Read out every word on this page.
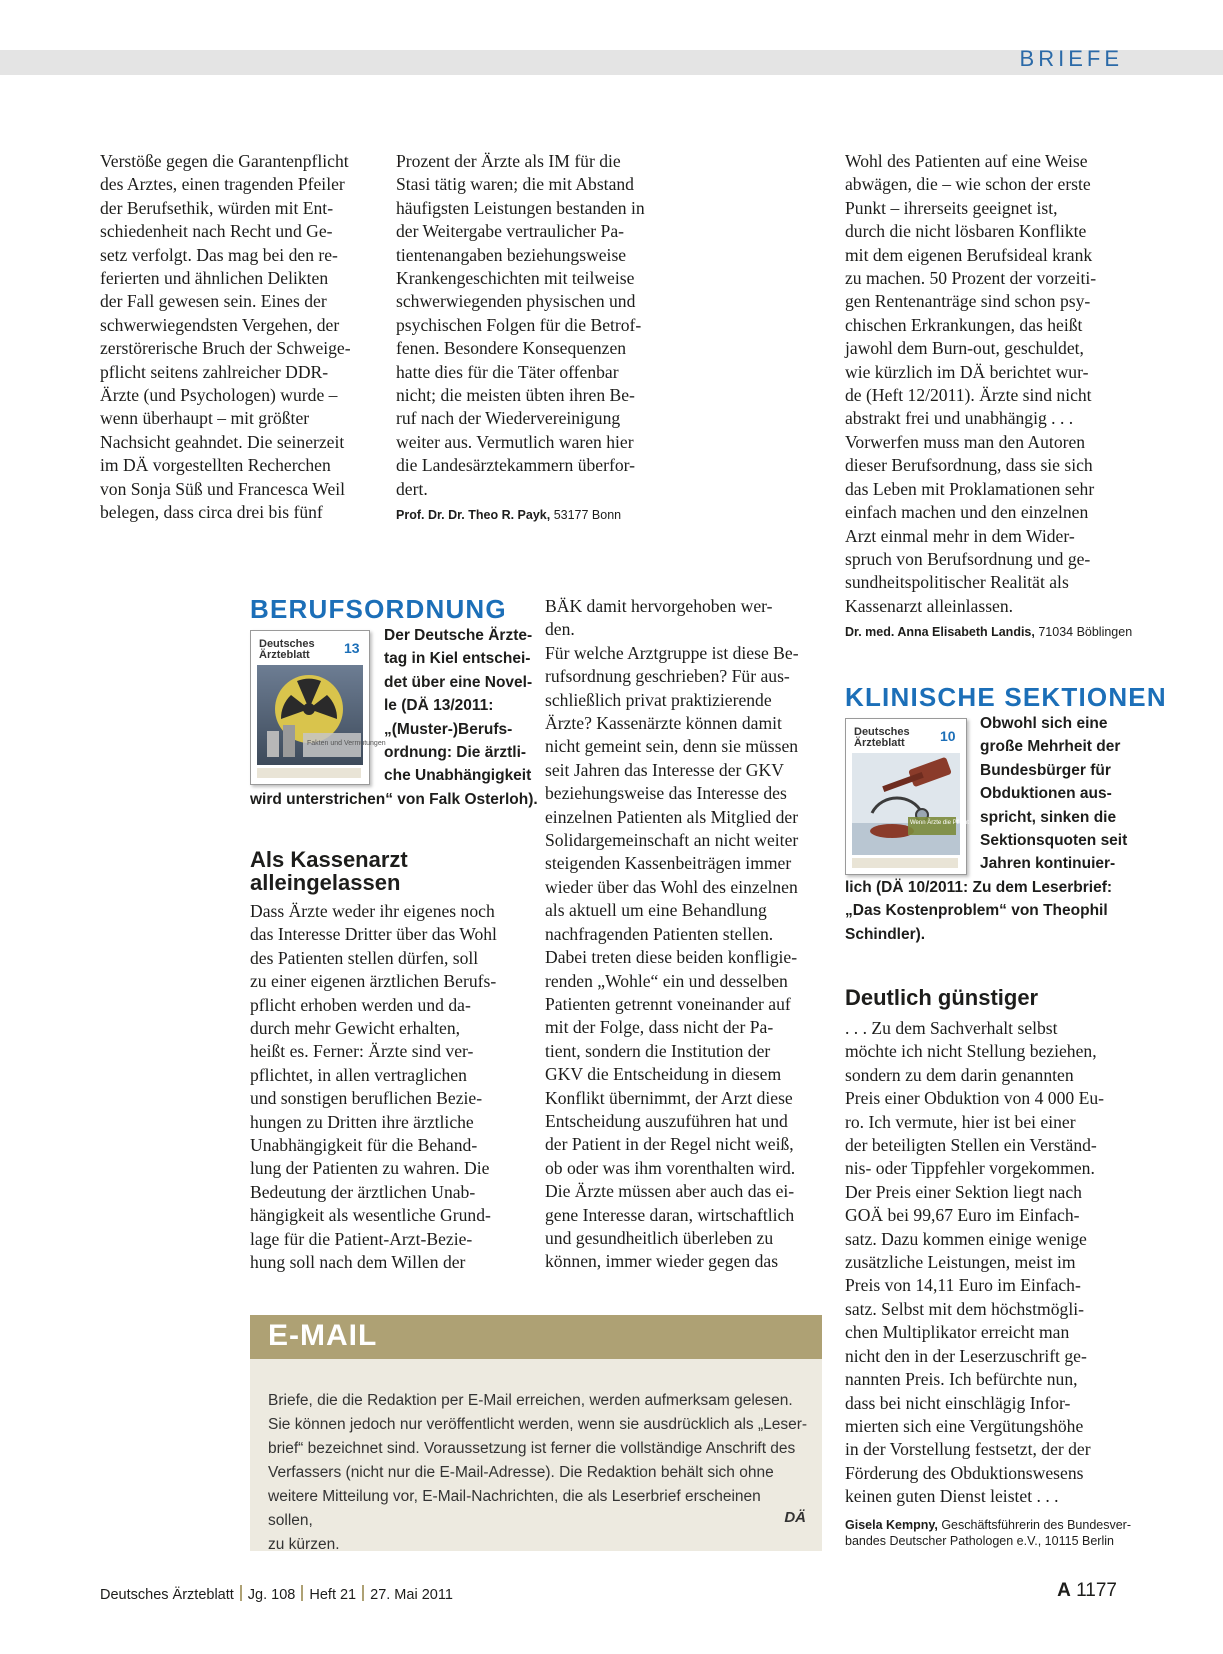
BRIEFE
Verstöße gegen die Garantenpflicht
des Arztes, einen tragenden Pfeiler
der Berufsethik, würden mit Ent-
schiedenheit nach Recht und Ge-
setz verfolgt. Das mag bei den re-
ferierten und ähnlichen Delikten
der Fall gewesen sein. Eines der
schwerwiegendsten Vergehen, der
zerstörerische Bruch der Schweige-
pflicht seitens zahlreicher DDR-
Ärzte (und Psychologen) wurde –
wenn überhaupt – mit größter
Nachsicht geahndet. Die seinerzeit
im DÄ vorgestellten Recherchen
von Sonja Süß und Francesca Weil
belegen, dass circa drei bis fünf
Prozent der Ärzte als IM für die
Stasi tätig waren; die mit Abstand
häufigsten Leistungen bestanden in
der Weitergabe vertraulicher Pa-
tientenangaben beziehungsweise
Krankengeschichten mit teilweise
schwerwiegenden physischen und
psychischen Folgen für die Betrof-
fenen. Besondere Konsequenzen
hatte dies für die Täter offenbar
nicht; die meisten übten ihren Be-
ruf nach der Wiedervereinigung
weiter aus. Vermutlich waren hier
die Landesärztekammern überfor-
dert.
Prof. Dr. Dr. Theo R. Payk, 53177 Bonn
Wohl des Patienten auf eine Weise
abwägen, die – wie schon der erste
Punkt – ihrerseits geeignet ist,
durch die nicht lösbaren Konflikte
mit dem eigenen Berufsideal krank
zu machen. 50 Prozent der vorzeiti-
gen Rentenanträge sind schon psy-
chischen Erkrankungen, das heißt
jawohl dem Burn-out, geschuldet,
wie kürzlich im DÄ berichtet wur-
de (Heft 12/2011). Ärzte sind nicht
abstrakt frei und unabhängig . . .
Vorwerfen muss man den Autoren
dieser Berufsordnung, dass sie sich
das Leben mit Proklamationen sehr
einfach machen und den einzelnen
Arzt einmal mehr in dem Wider-
spruch von Berufsordnung und ge-
sundheitspolitischer Realität als
Kassenarzt alleinlassen.
Dr. med. Anna Elisabeth Landis, 71034 Böblingen
BERUFSORDNUNG
Deutsches
Ärzteblatt	13
Fakten und Vermutungen
Der Deutsche Ärzte-
tag in Kiel entschei-
det über eine Novel-
le (DÄ 13/2011:
„(Muster-)Berufs-
ordnung: Die ärztli-
che Unabhängigkeit
wird unterstrichen“ von Falk Osterloh).
Als Kassenarzt
alleingelassen
Dass Ärzte weder ihr eigenes noch
das Interesse Dritter über das Wohl
des Patienten stellen dürfen, soll
zu einer eigenen ärztlichen Berufs-
pflicht erhoben werden und da-
durch mehr Gewicht erhalten,
heißt es. Ferner: Ärzte sind ver-
pflichtet, in allen vertraglichen
und sonstigen beruflichen Bezie-
hungen zu Dritten ihre ärztliche
Unabhängigkeit für die Behand-
lung der Patienten zu wahren. Die
Bedeutung der ärztlichen Unab-
hängigkeit als wesentliche Grund-
lage für die Patient-Arzt-Bezie-
hung soll nach dem Willen der
BÄK damit hervorgehoben wer-
den.
Für welche Arztgruppe ist diese Be-
rufsordnung geschrieben? Für aus-
schließlich privat praktizierende
Ärzte? Kassenärzte können damit
nicht gemeint sein, denn sie müssen
seit Jahren das Interesse der GKV
beziehungsweise das Interesse des
einzelnen Patienten als Mitglied der
Solidargemeinschaft an nicht weiter
steigenden Kassenbeiträgen immer
wieder über das Wohl des einzelnen
als aktuell um eine Behandlung
nachfragenden Patienten stellen.
Dabei treten diese beiden konfligie-
renden „Wohle“ ein und desselben
Patienten getrennt voneinander auf
mit der Folge, dass nicht der Pa-
tient, sondern die Institution der
GKV die Entscheidung in diesem
Konflikt übernimmt, der Arzt diese
Entscheidung auszuführen hat und
der Patient in der Regel nicht weiß,
ob oder was ihm vorenthalten wird.
Die Ärzte müssen aber auch das ei-
gene Interesse daran, wirtschaftlich
und gesundheitlich überleben zu
können, immer wieder gegen das
KLINISCHE SEKTIONEN
Deutsches
Ärzteblatt	10
Wenn Ärzte die Pflicht verletzen
Obwohl sich eine
große Mehrheit der
Bundesbürger für
Obduktionen aus-
spricht, sinken die
Sektionsquoten seit
Jahren kontinuier-
lich (DÄ 10/2011: Zu dem Leserbrief:
„Das Kostenproblem“ von Theophil
Schindler).
Deutlich günstiger
. . . Zu dem Sachverhalt selbst
möchte ich nicht Stellung beziehen,
sondern zu dem darin genannten
Preis einer Obduktion von 4 000 Eu-
ro. Ich vermute, hier ist bei einer
der beteiligten Stellen ein Verständ-
nis- oder Tippfehler vorgekommen.
Der Preis einer Sektion liegt nach
GOÄ bei 99,67 Euro im Einfach-
satz. Dazu kommen einige wenige
zusätzliche Leistungen, meist im
Preis von 14,11 Euro im Einfach-
satz. Selbst mit dem höchstmögli-
chen Multiplikator erreicht man
nicht den in der Leserzuschrift ge-
nannten Preis. Ich befürchte nun,
dass bei nicht einschlägig Infor-
mierten sich eine Vergütungshöhe
in der Vorstellung festsetzt, der der
Förderung des Obduktionswesens
keinen guten Dienst leistet . . .
Gisela Kempny, Geschäftsführerin des Bundesver-
bandes Deutscher Pathologen e.V., 10115 Berlin
E-MAIL
Briefe, die die Redaktion per E-Mail erreichen, werden aufmerksam gelesen.
Sie können jedoch nur veröffentlicht werden, wenn sie ausdrücklich als „Leser-
brief“ bezeichnet sind. Voraussetzung ist ferner die vollständige Anschrift des
Verfassers (nicht nur die E-Mail-Adresse). Die Redaktion behält sich ohne
weitere Mitteilung vor, E-Mail-Nachrichten, die als Leserbrief erscheinen sollen,
zu kürzen.
DÄ
Deutsches Ärzteblatt Jg. 108 Heft 21 27. Mai 2011	A 1177
